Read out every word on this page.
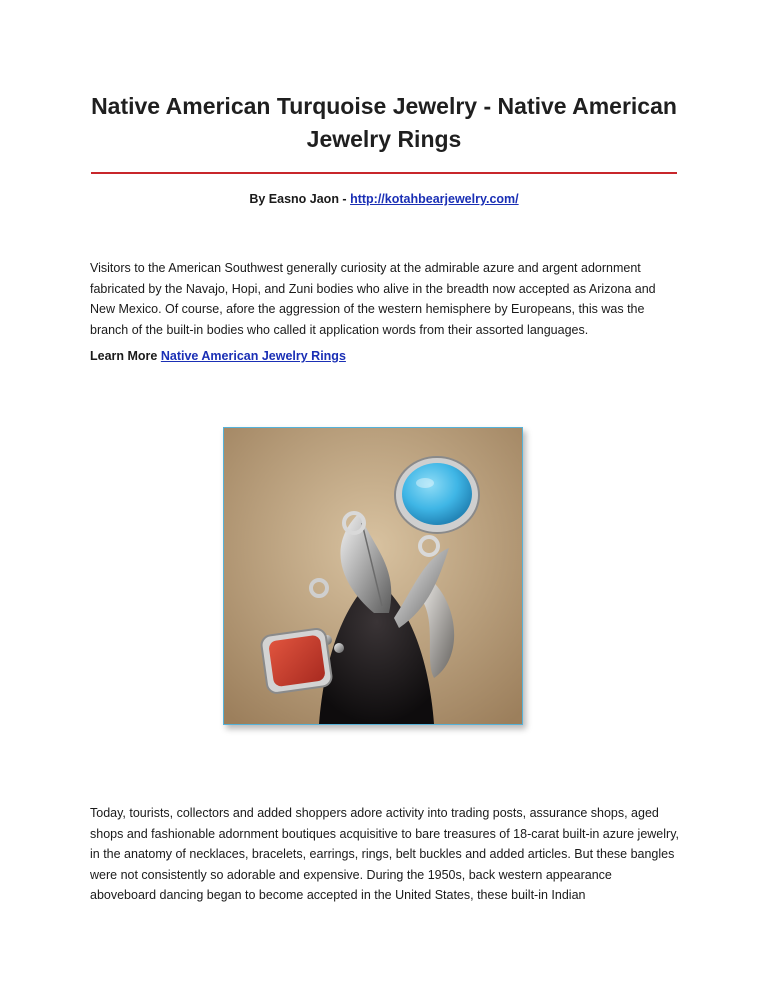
Native American Turquoise Jewelry - Native American Jewelry Rings
By Easno Jaon - http://kotahbearjewelry.com/

Visitors to the American Southwest generally curiosity at the admirable azure and argent adornment fabricated by the Navajo, Hopi, and Zuni bodies who alive in the breadth now accepted as Arizona and New Mexico. Of course, afore the aggression of the western hemisphere by Europeans, this was the branch of the built-in bodies who called it application words from their assorted languages.

Learn More Native American Jewelry Rings

Today, tourists, collectors and added shoppers adore activity into trading posts, assurance shops, aged shops and fashionable adornment boutiques acquisitive to bare treasures of 18-carat built-in azure jewelry, in the anatomy of necklaces, bracelets, earrings, rings, belt buckles and added articles. But these bangles were not consistently so adorable and expensive. During the 1950s, back western appearance aboveboard dancing began to become accepted in the United States, these built-in Indian
